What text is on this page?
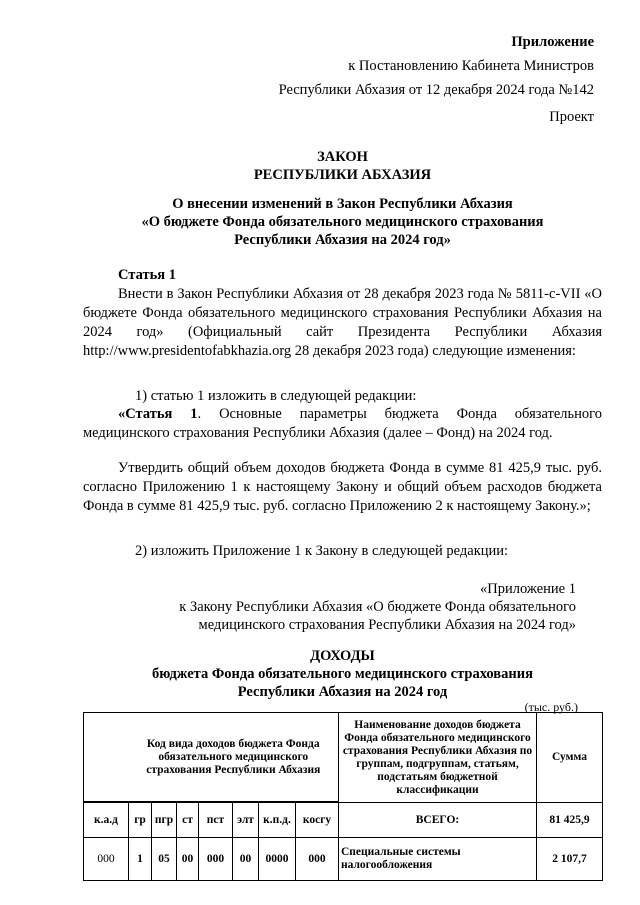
Приложение
к Постановлению Кабинета Министров
Республики Абхазия от 12 декабря 2024 года №142
Проект
ЗАКОН
РЕСПУБЛИКИ АБХАЗИЯ
О внесении изменений в Закон Республики Абхазия
«О бюджете Фонда обязательного медицинского страхования
Республики Абхазия на 2024 год»
Статья 1

Внести в Закон Республики Абхазия от 28 декабря 2023 года № 5811-с-VII «О бюджете Фонда обязательного медицинского страхования Республики Абхазия на 2024 год» (Официальный сайт Президента Республики Абхазия http://www.presidentofabkhazia.org 28 декабря 2023 года) следующие изменения:

1) статью 1 изложить в следующей редакции:

«Статья 1. Основные параметры бюджета Фонда обязательного медицинского страхования Республики Абхазия (далее – Фонд) на 2024 год.

Утвердить общий объем доходов бюджета Фонда в сумме 81 425,9 тыс. руб. согласно Приложению 1 к настоящему Закону и общий объем расходов бюджета Фонда в сумме 81 425,9 тыс. руб. согласно Приложению 2 к настоящему Закону.»;

2) изложить Приложение 1 к Закону в следующей редакции:
«Приложение 1
к Закону Республики Абхазия «О бюджете Фонда обязательного
медицинского страхования Республики Абхазия на 2024 год»
ДОХОДЫ
бюджета Фонда обязательного медицинского страхования
Республики Абхазия на 2024 год
(тыс. руб.)
	Код вида доходов бюджета Фонда обязательного медицинского страхования Республики Абхазия							Наименование доходов бюджета Фонда обязательного медицинского страхования Республики Абхазия по группам, подгруппам, статьям, подстатьям бюджетной классификации	Сумма

к.а.д	гр	пгр	ст	пст	элт	к.п.д.	косгу	ВСЕГО:	81 425,9
000	1	05	00	000	00	0000	000	Специальные системы налогообложения	2 107,7
